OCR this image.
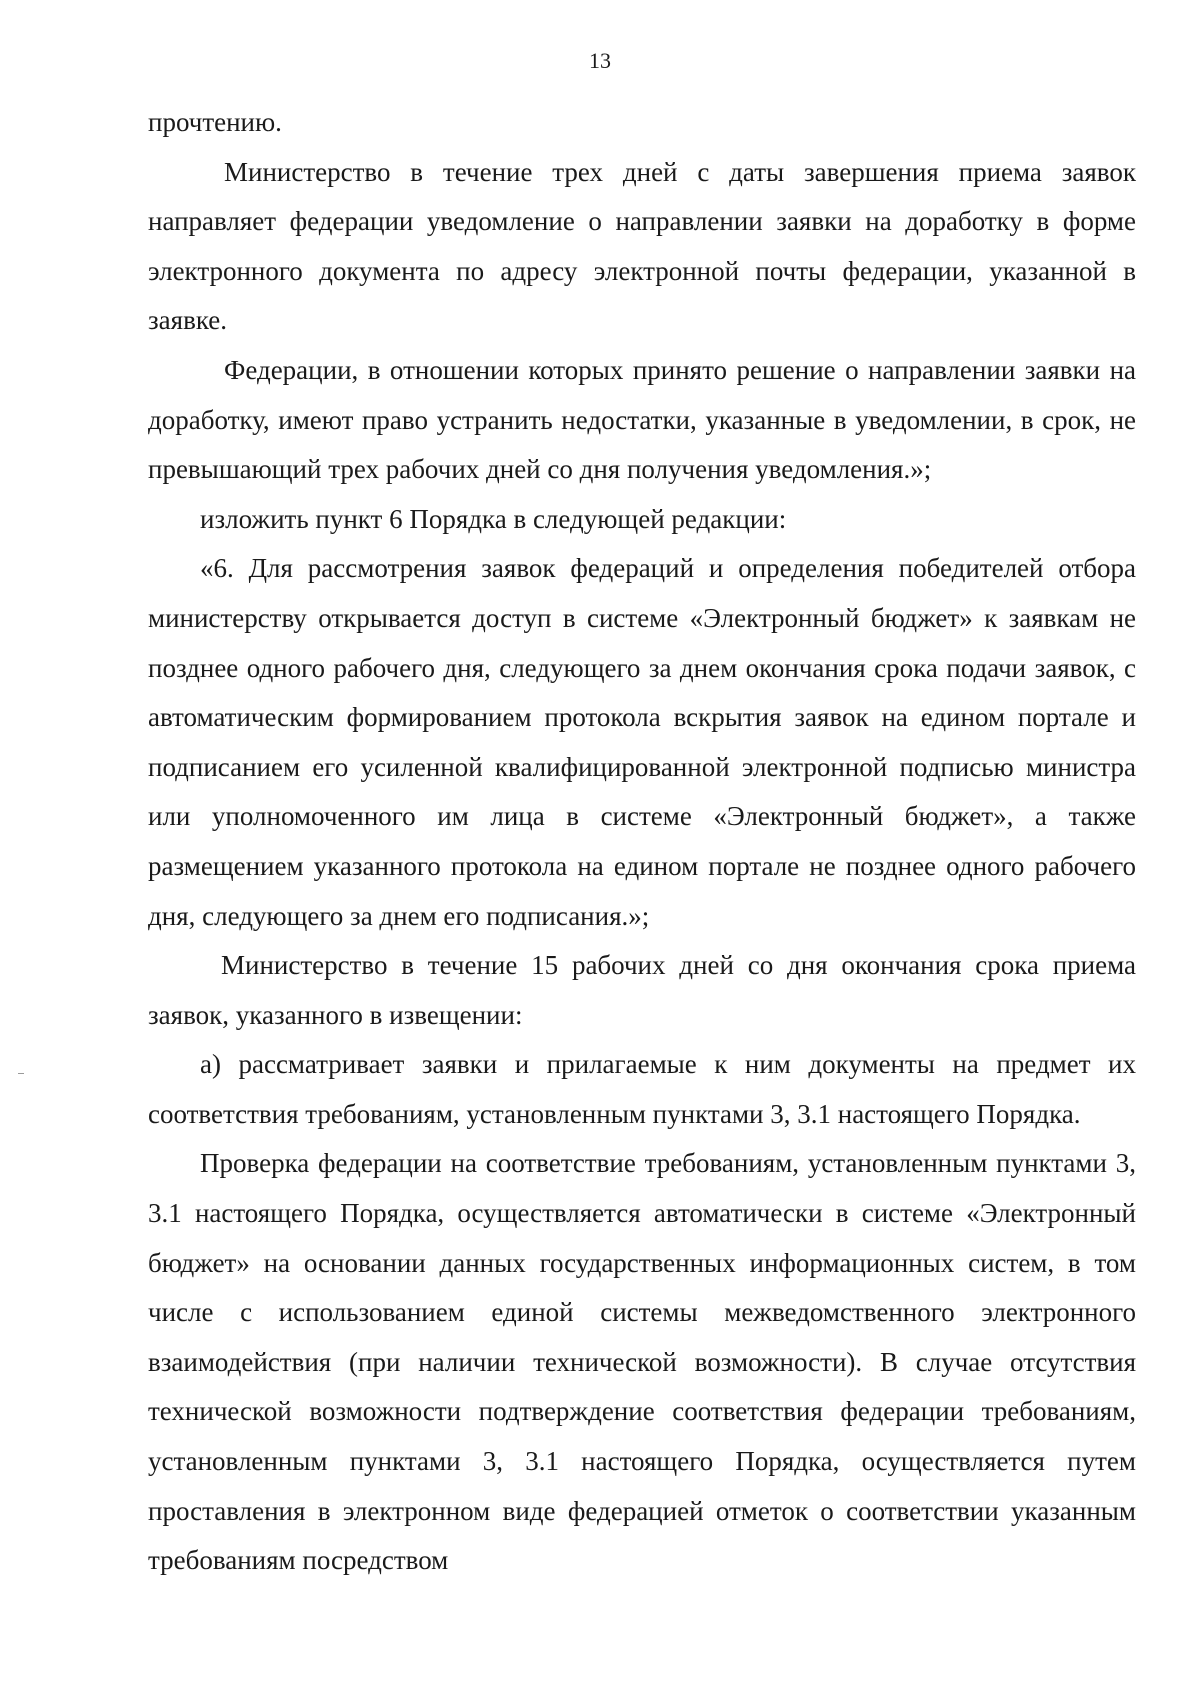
13

прочтению.

Министерство в течение трех дней с даты завершения приема заявок направляет федерации уведомление о направлении заявки на доработку в форме электронного документа по адресу электронной почты федерации, указанной в заявке.

Федерации, в отношении которых принято решение о направлении заявки на доработку, имеют право устранить недостатки, указанные в уведомлении, в срок, не превышающий трех рабочих дней со дня получения уведомления.»;

изложить пункт 6 Порядка в следующей редакции:

«6. Для рассмотрения заявок федераций и определения победителей отбора министерству открывается доступ в системе «Электронный бюджет» к заявкам не позднее одного рабочего дня, следующего за днем окончания срока подачи заявок, с автоматическим формированием протокола вскрытия заявок на едином портале и подписанием его усиленной квалифицированной электронной подписью министра или уполномоченного им лица в системе «Электронный бюджет», а также размещением указанного протокола на едином портале не позднее одного рабочего дня, следующего за днем его подписания.»;

Министерство в течение 15 рабочих дней со дня окончания срока приема заявок, указанного в извещении:

а) рассматривает заявки и прилагаемые к ним документы на предмет их соответствия требованиям, установленным пунктами 3, 3.1 настоящего Порядка.

Проверка федерации на соответствие требованиям, установленным пунктами 3, 3.1 настоящего Порядка, осуществляется автоматически в системе «Электронный бюджет» на основании данных государственных информационных систем, в том числе с использованием единой системы межведомственного электронного взаимодействия (при наличии технической возможности). В случае отсутствия технической возможности подтверждение соответствия федерации требованиям, установленным пунктами 3, 3.1 настоящего Порядка, осуществляется путем проставления в электронном виде федерацией отметок о соответствии указанным требованиям посредством
